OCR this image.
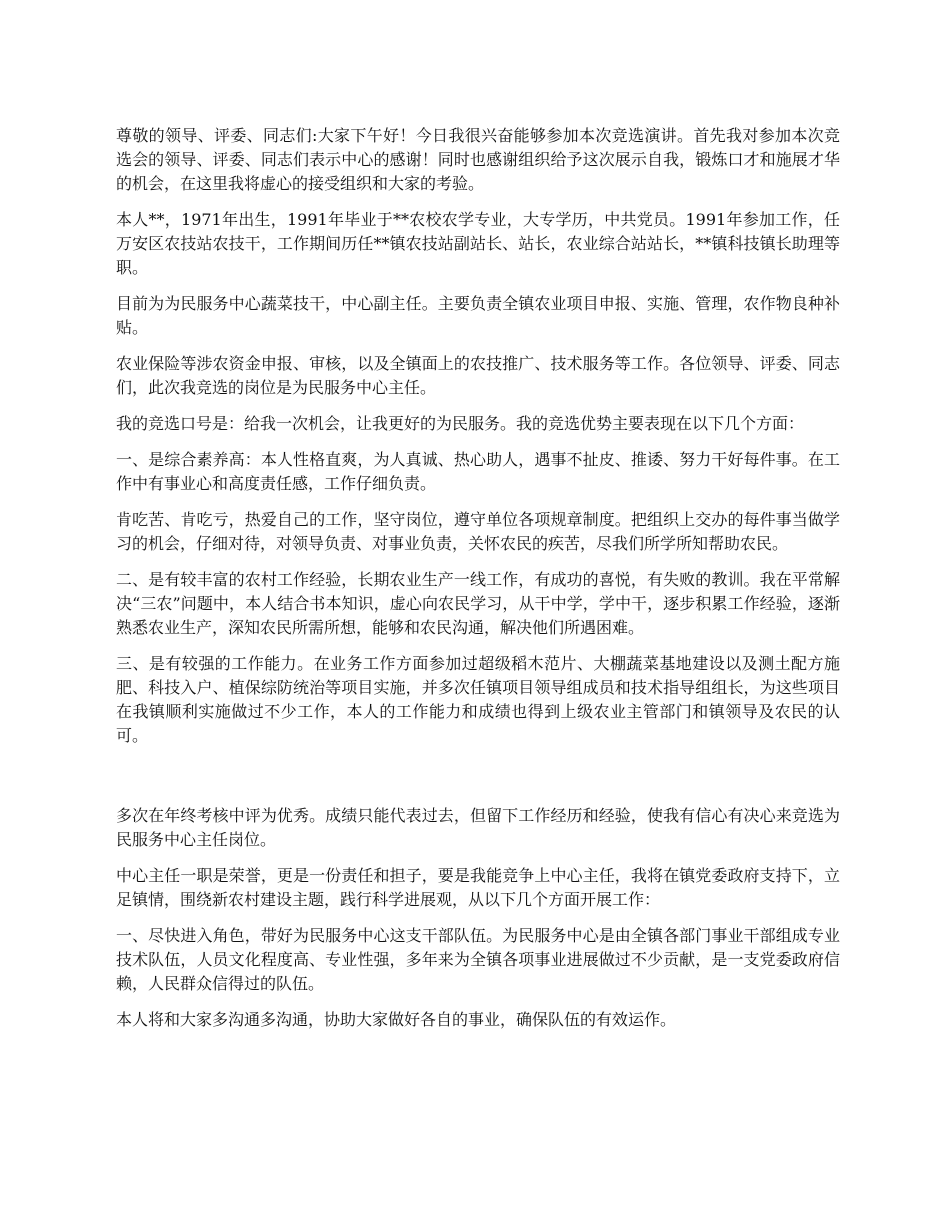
尊敬的领导、评委、同志们:大家下午好！今日我很兴奋能够参加本次竞选演讲。首先我对参加本次竞选会的领导、评委、同志们表示中心的感谢！同时也感谢组织给予这次展示自我，锻炼口才和施展才华的机会，在这里我将虚心的接受组织和大家的考验。

本人**，1971年出生，1991年毕业于**农校农学专业，大专学历，中共党员。1991年参加工作，任万安区农技站农技干，工作期间历任**镇农技站副站长、站长，农业综合站站长，**镇科技镇长助理等职。

目前为为民服务中心蔬菜技干，中心副主任。主要负责全镇农业项目申报、实施、管理，农作物良种补贴。

农业保险等涉农资金申报、审核，以及全镇面上的农技推广、技术服务等工作。各位领导、评委、同志们，此次我竞选的岗位是为民服务中心主任。

我的竞选口号是：给我一次机会，让我更好的为民服务。我的竞选优势主要表现在以下几个方面：

一、是综合素养高：本人性格直爽，为人真诚、热心助人，遇事不扯皮、推诿、努力干好每件事。在工作中有事业心和高度责任感，工作仔细负责。

肯吃苦、肯吃亏，热爱自己的工作，坚守岗位，遵守单位各项规章制度。把组织上交办的每件事当做学习的机会，仔细对待，对领导负责、对事业负责，关怀农民的疾苦，尽我们所学所知帮助农民。

二、是有较丰富的农村工作经验，长期农业生产一线工作，有成功的喜悦，有失败的教训。我在平常解决“三农”问题中，本人结合书本知识，虚心向农民学习，从干中学，学中干，逐步积累工作经验，逐渐熟悉农业生产，深知农民所需所想，能够和农民沟通，解决他们所遇困难。

三、是有较强的工作能力。在业务工作方面参加过超级稻木范片、大棚蔬菜基地建设以及测土配方施肥、科技入户、植保综防统治等项目实施，并多次任镇项目领导组成员和技术指导组组长，为这些项目在我镇顺利实施做过不少工作，本人的工作能力和成绩也得到上级农业主管部门和镇领导及农民的认可。

多次在年终考核中评为优秀。成绩只能代表过去，但留下工作经历和经验，使我有信心有决心来竞选为民服务中心主任岗位。

中心主任一职是荣誉，更是一份责任和担子，要是我能竞争上中心主任，我将在镇党委政府支持下，立足镇情，围绕新农村建设主题，践行科学进展观，从以下几个方面开展工作：

一、尽快进入角色，带好为民服务中心这支干部队伍。为民服务中心是由全镇各部门事业干部组成专业技术队伍，人员文化程度高、专业性强，多年来为全镇各项事业进展做过不少贡献，是一支党委政府信赖，人民群众信得过的队伍。

本人将和大家多沟通多沟通，协助大家做好各自的事业，确保队伍的有效运作。
